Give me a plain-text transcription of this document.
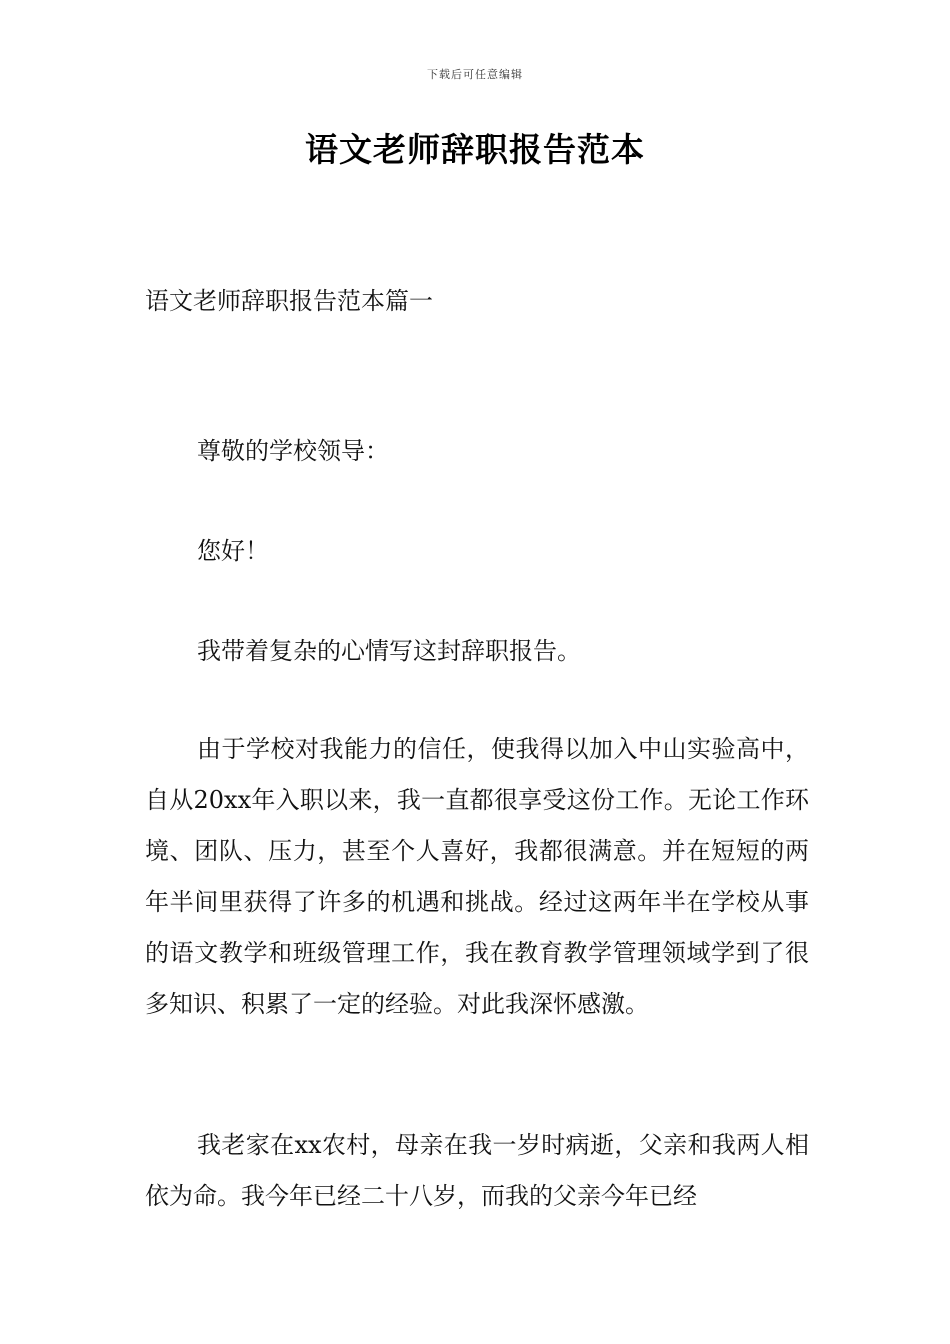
下载后可任意编辑
语文老师辞职报告范本
语文老师辞职报告范本篇一

尊敬的学校领导：

您好！

我带着复杂的心情写这封辞职报告。

由于学校对我能力的信任，使我得以加入中山实验高中，自从20xx年入职以来，我一直都很享受这份工作。无论工作环境、团队、压力，甚至个人喜好，我都很满意。并在短短的两年半间里获得了许多的机遇和挑战。经过这两年半在学校从事的语文教学和班级管理工作，我在教育教学管理领域学到了很多知识、积累了一定的经验。对此我深怀感激。

我老家在xx农村，母亲在我一岁时病逝，父亲和我两人相依为命。我今年已经二十八岁，而我的父亲今年已经
